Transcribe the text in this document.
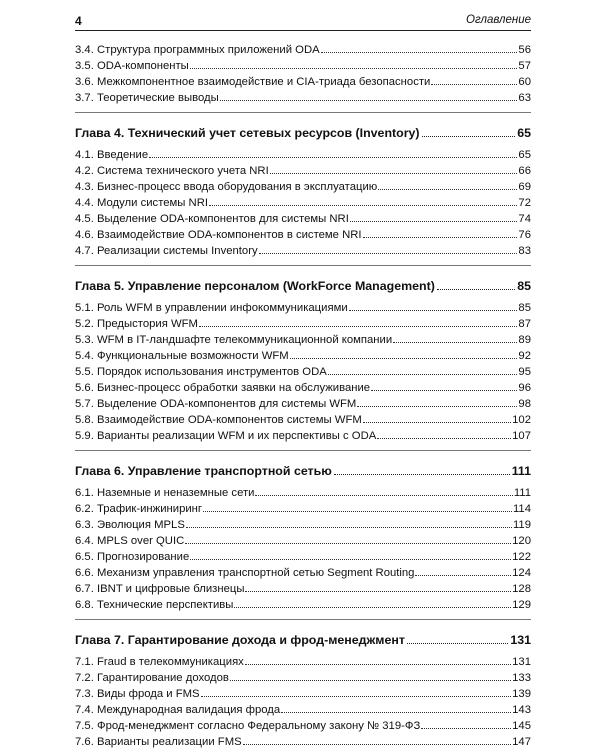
4	Оглавление
3.4. Структура программных приложений ODA	56
3.5. ODA-компоненты	57
3.6. Межкомпонентное взаимодействие и CIA-триада безопасности	60
3.7. Теоретические выводы	63
Глава 4. Технический учет сетевых ресурсов (Inventory)	65
4.1. Введение	65
4.2. Система технического учета NRI	66
4.3. Бизнес-процесс ввода оборудования в эксплуатацию	69
4.4. Модули системы NRI	72
4.5. Выделение ODA-компонентов для системы NRI	74
4.6. Взаимодействие ODA-компонентов в системе NRI	76
4.7. Реализации системы Inventory	83
Глава 5. Управление персоналом (WorkForce Management)	85
5.1. Роль WFM в управлении инфокоммуникациями	85
5.2. Предыстория WFM	87
5.3. WFM в IT-ландшафте телекоммуникационной компании	89
5.4. Функциональные возможности WFM	92
5.5. Порядок использования инструментов ODA	95
5.6. Бизнес-процесс обработки заявки на обслуживание	96
5.7. Выделение ODA-компонентов для системы WFM	98
5.8. Взаимодействие ODA-компонентов системы WFM	102
5.9. Варианты реализации WFM и их перспективы с ODA	107
Глава 6. Управление транспортной сетью	111
6.1. Наземные и неназемные сети	111
6.2. Трафик-инжиниринг	114
6.3. Эволюция MPLS	119
6.4. MPLS over QUIC	120
6.5. Прогнозирование	122
6.6. Механизм управления транспортной сетью Segment Routing	124
6.7. IBNT и цифровые близнецы	128
6.8. Технические перспективы	129
Глава 7. Гарантирование дохода и фрод-менеджмент	131
7.1. Fraud в телекоммуникациях	131
7.2. Гарантирование доходов	133
7.3. Виды фрода и FMS	139
7.4. Международная валидация фрода	143
7.5. Фрод-менеджмент согласно Федеральному закону № 319-ФЗ	145
7.6. Варианты реализации FMS	147
